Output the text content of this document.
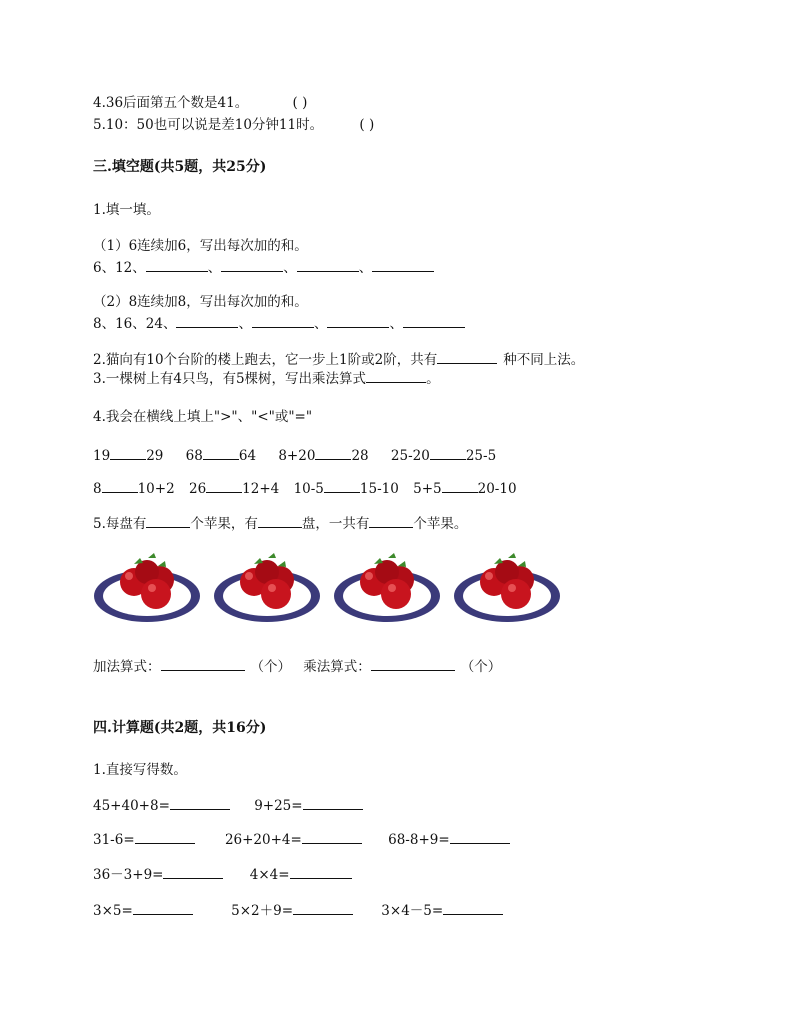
4.36后面第五个数是41。	( )
5.10：50也可以说是差10分钟11时。	( )
三.填空题(共5题，共25分)
1.填一填。
（1）6连续加6，写出每次加的和。
6、12、	、	、	、
（2）8连续加8，写出每次加的和。
8、16、24、	、	、	、
2.猫向有10个台阶的楼上跑去，它一步上1阶或2阶，共有	种不同上法。
3.一棵树上有4只鸟，有5棵树，写出乘法算式	。
4.我会在横线上填上">"、"<"或"="
19	29 68	64 8+20	28 25-20	25-5
8	10+2 26	12+4 10-5	15-10 5+5	20-10
5.每盘有	个苹果，有	盘，一共有	个苹果。
加法算式：	（个） 乘法算式：	（个）
四.计算题(共2题，共16分)
1.直接写得数。
45+40+8=	9+25=
31-6=	26+20+4=	68-8+9=
36－3+9=	4×4=
3×5=	5×2＋9=	3×4－5=
